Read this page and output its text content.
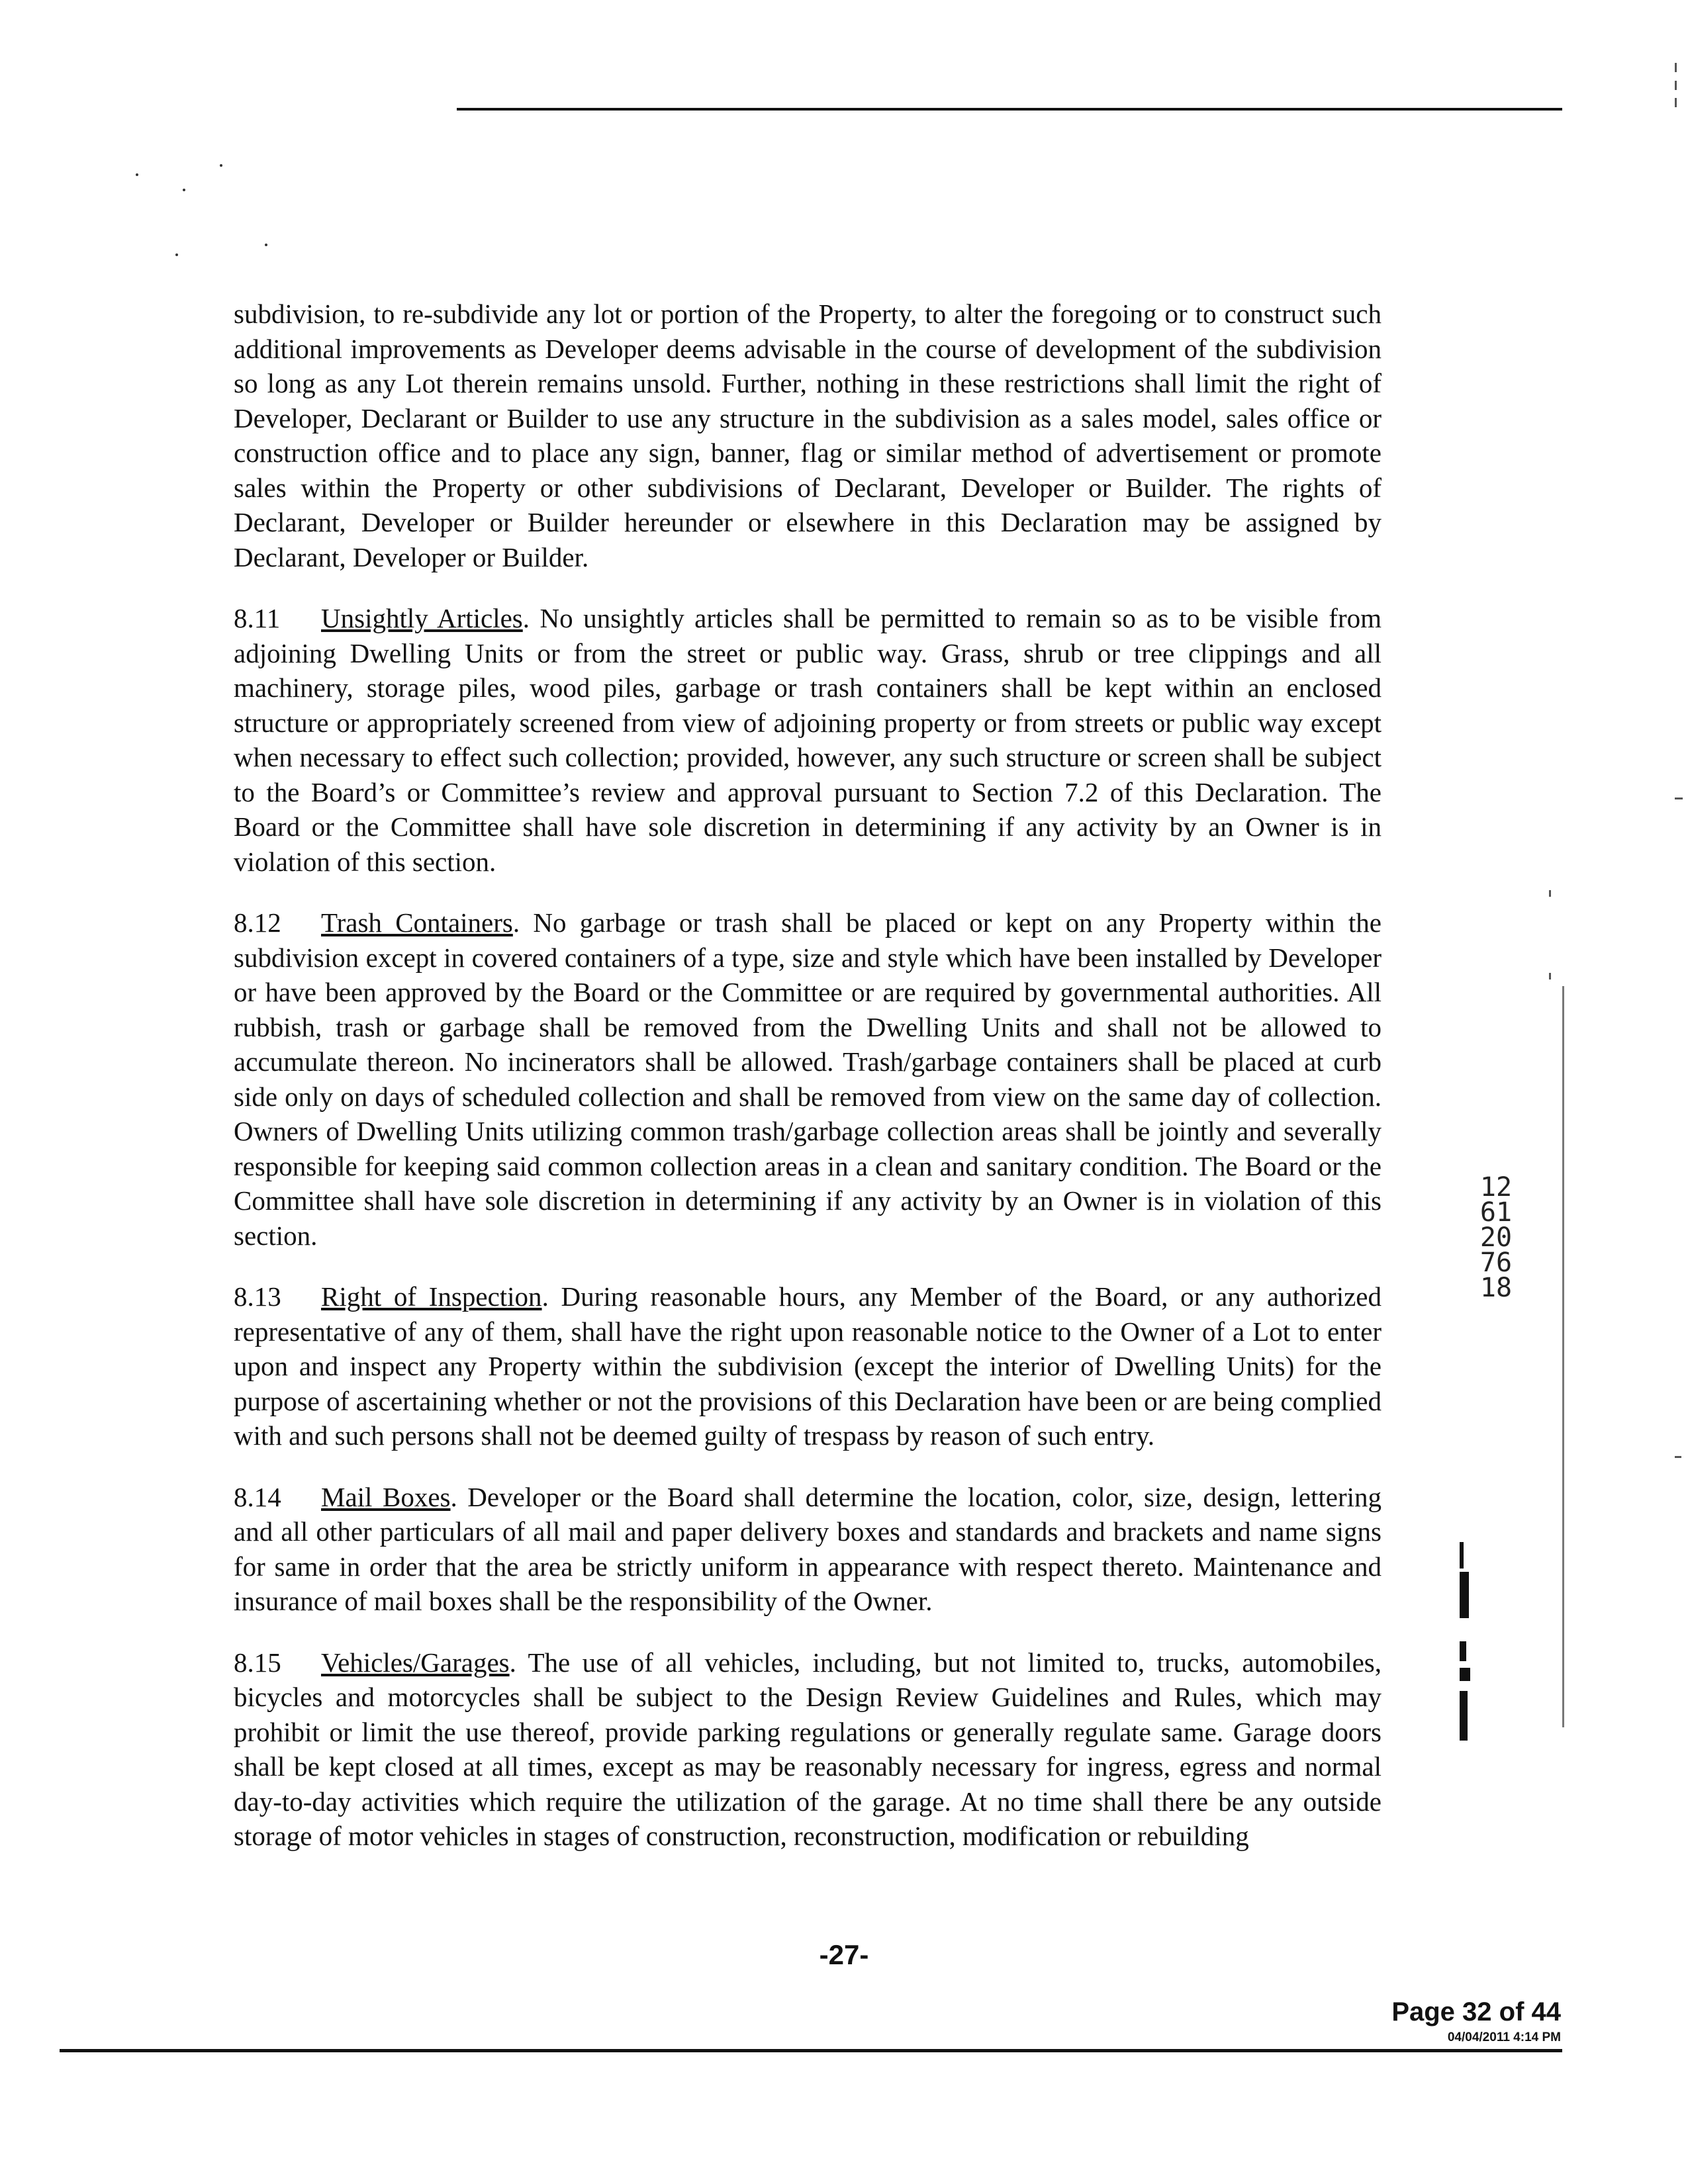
subdivision, to re-subdivide any lot or portion of the Property, to alter the foregoing or to construct such additional improvements as Developer deems advisable in the course of development of the subdivision so long as any Lot therein remains unsold. Further, nothing in these restrictions shall limit the right of Developer, Declarant or Builder to use any structure in the subdivision as a sales model, sales office or construction office and to place any sign, banner, flag or similar method of advertisement or promote sales within the Property or other subdivisions of Declarant, Developer or Builder. The rights of Declarant, Developer or Builder hereunder or elsewhere in this Declaration may be assigned by Declarant, Developer or Builder.

8.11 Unsightly Articles. No unsightly articles shall be permitted to remain so as to be visible from adjoining Dwelling Units or from the street or public way. Grass, shrub or tree clippings and all machinery, storage piles, wood piles, garbage or trash containers shall be kept within an enclosed structure or appropriately screened from view of adjoining property or from streets or public way except when necessary to effect such collection; provided, however, any such structure or screen shall be subject to the Board’s or Committee’s review and approval pursuant to Section 7.2 of this Declaration. The Board or the Committee shall have sole discretion in determining if any activity by an Owner is in violation of this section.

8.12 Trash Containers. No garbage or trash shall be placed or kept on any Property within the subdivision except in covered containers of a type, size and style which have been installed by Developer or have been approved by the Board or the Committee or are required by governmental authorities. All rubbish, trash or garbage shall be removed from the Dwelling Units and shall not be allowed to accumulate thereon. No incinerators shall be allowed. Trash/garbage containers shall be placed at curb side only on days of scheduled collection and shall be removed from view on the same day of collection. Owners of Dwelling Units utilizing common trash/garbage collection areas shall be jointly and severally responsible for keeping said common collection areas in a clean and sanitary condition. The Board or the Committee shall have sole discretion in determining if any activity by an Owner is in violation of this section.

8.13 Right of Inspection. During reasonable hours, any Member of the Board, or any authorized representative of any of them, shall have the right upon reasonable notice to the Owner of a Lot to enter upon and inspect any Property within the subdivision (except the interior of Dwelling Units) for the purpose of ascertaining whether or not the provisions of this Declaration have been or are being complied with and such persons shall not be deemed guilty of trespass by reason of such entry.

8.14 Mail Boxes. Developer or the Board shall determine the location, color, size, design, lettering and all other particulars of all mail and paper delivery boxes and standards and brackets and name signs for same in order that the area be strictly uniform in appearance with respect thereto. Maintenance and insurance of mail boxes shall be the responsibility of the Owner.

8.15 Vehicles/Garages. The use of all vehicles, including, but not limited to, trucks, automobiles, bicycles and motorcycles shall be subject to the Design Review Guidelines and Rules, which may prohibit or limit the use thereof, provide parking regulations or generally regulate same. Garage doors shall be kept closed at all times, except as may be reasonably necessary for ingress, egress and normal day-to-day activities which require the utilization of the garage. At no time shall there be any outside storage of motor vehicles in stages of construction, reconstruction, modification or rebuilding

1261207618
-27-
Page 32 of 44
04/04/2011 4:14 PM
